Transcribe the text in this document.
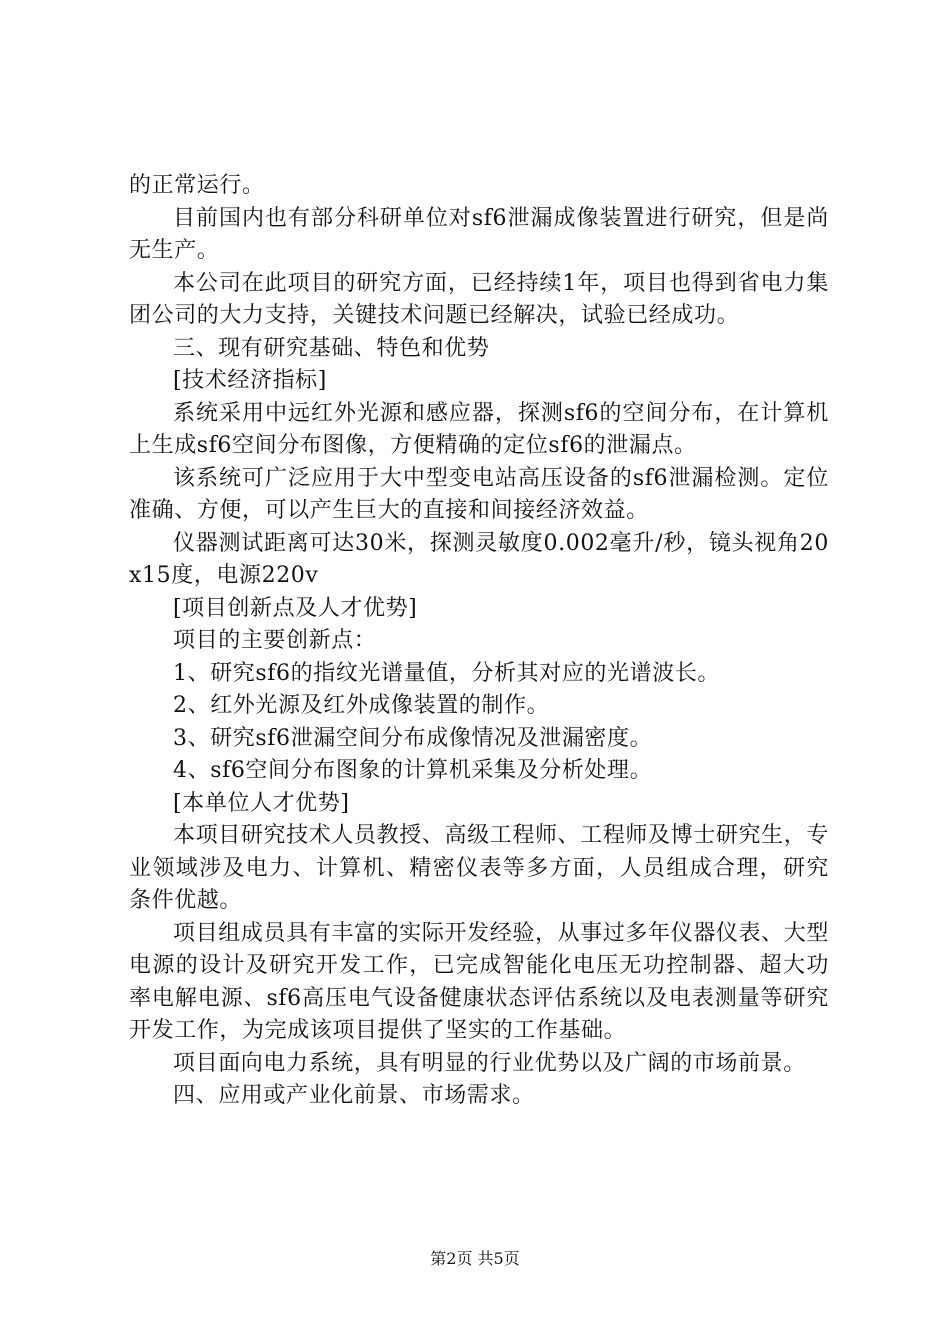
的正常运行。

目前国内也有部分科研单位对sf6泄漏成像装置进行研究，但是尚无生产。

本公司在此项目的研究方面，已经持续1年，项目也得到省电力集团公司的大力支持，关键技术问题已经解决，试验已经成功。

三、现有研究基础、特色和优势

[技术经济指标]

系统采用中远红外光源和感应器，探测sf6的空间分布，在计算机上生成sf6空间分布图像，方便精确的定位sf6的泄漏点。

该系统可广泛应用于大中型变电站高压设备的sf6泄漏检测。定位准确、方便，可以产生巨大的直接和间接经济效益。

仪器测试距离可达30米，探测灵敏度0.002毫升/秒，镜头视角20x15度，电源220v

[项目创新点及人才优势]

项目的主要创新点：

1、研究sf6的指纹光谱量值，分析其对应的光谱波长。

2、红外光源及红外成像装置的制作。

3、研究sf6泄漏空间分布成像情况及泄漏密度。

4、sf6空间分布图象的计算机采集及分析处理。

[本单位人才优势]

本项目研究技术人员教授、高级工程师、工程师及博士研究生，专业领域涉及电力、计算机、精密仪表等多方面，人员组成合理，研究条件优越。

项目组成员具有丰富的实际开发经验，从事过多年仪器仪表、大型电源的设计及研究开发工作，已完成智能化电压无功控制器、超大功率电解电源、sf6高压电气设备健康状态评估系统以及电表测量等研究开发工作，为完成该项目提供了坚实的工作基础。

项目面向电力系统，具有明显的行业优势以及广阔的市场前景。

四、应用或产业化前景、市场需求。

第2页 共5页
